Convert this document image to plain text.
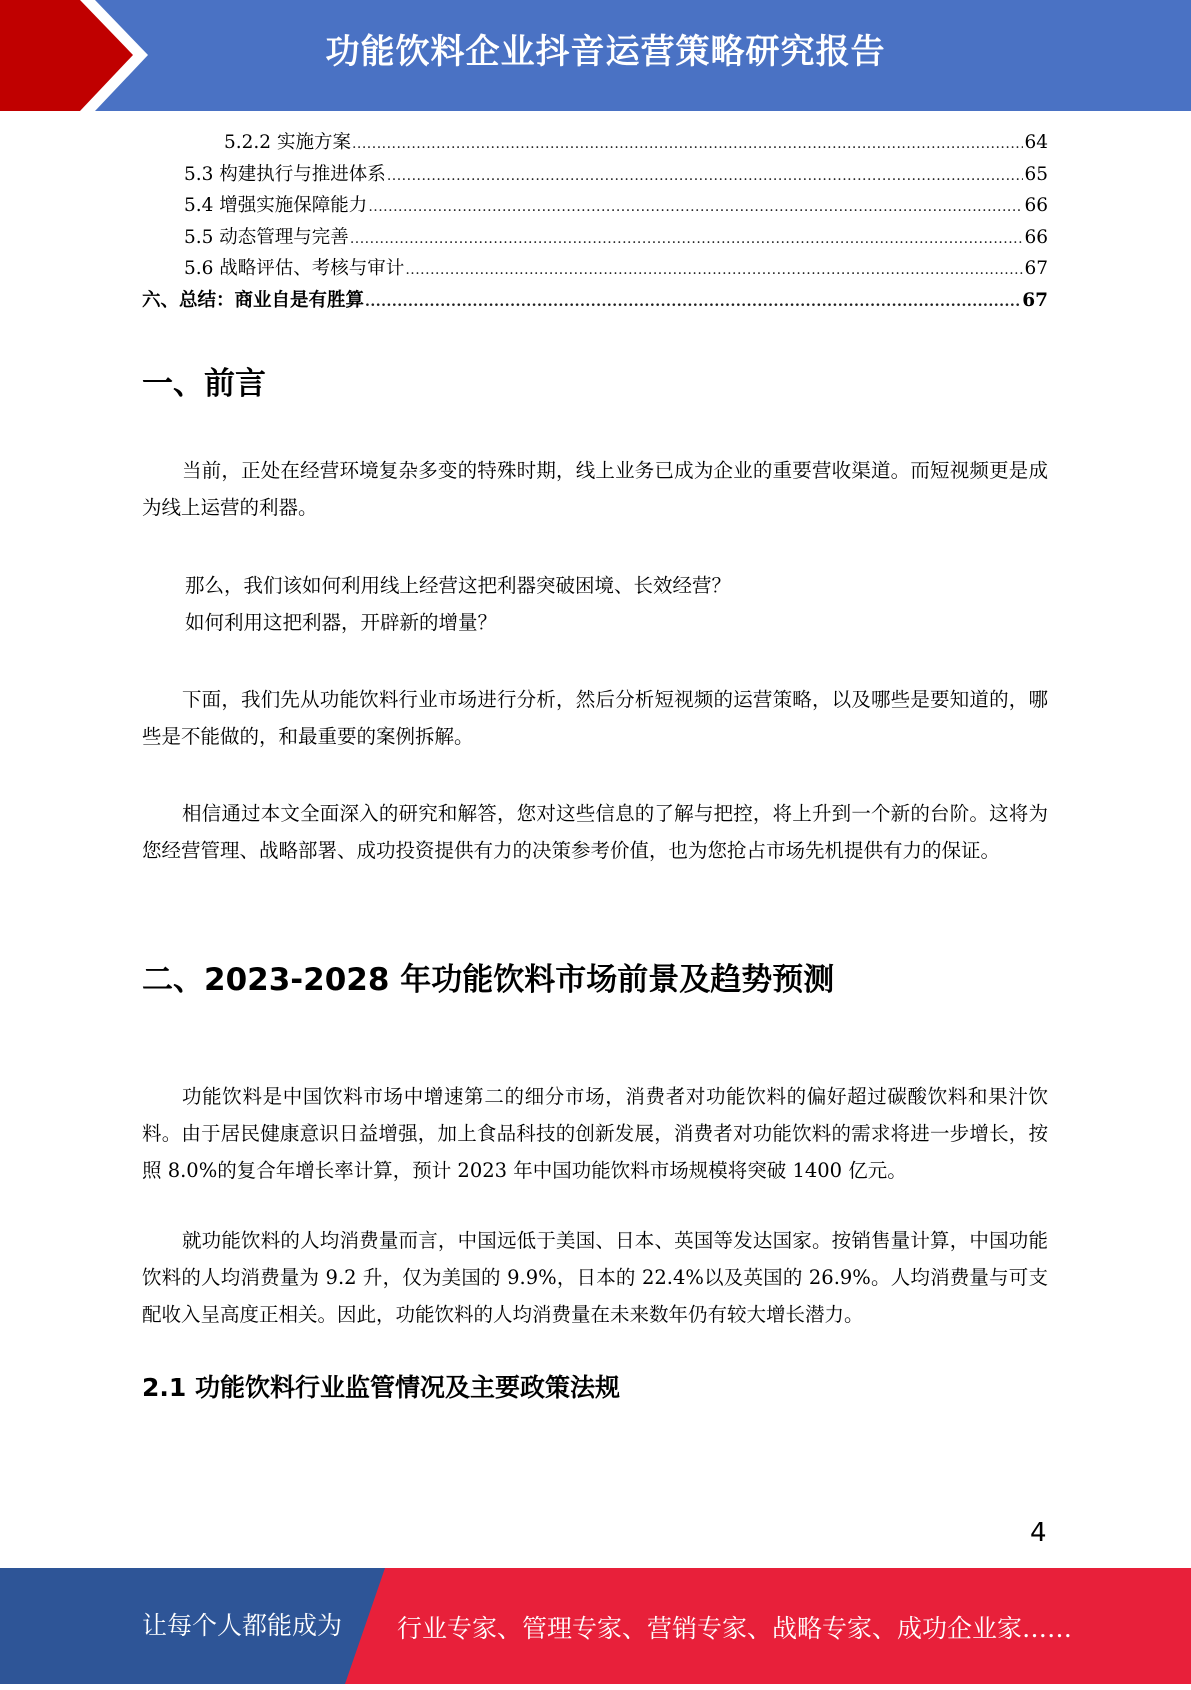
功能饮料企业抖音运营策略研究报告
5.2.2 实施方案 .....	64
5.3 构建执行与推进体系 .....	65
5.4 增强实施保障能力 .....	66
5.5 动态管理与完善 .....	66
5.6 战略评估、考核与审计 .....	67
六、总结：商业自是有胜算 .....	67
一、前言

当前，正处在经营环境复杂多变的特殊时期，线上业务已成为企业的重要营收渠道。而短视频更是成为线上运营的利器。

那么，我们该如何利用线上经营这把利器突破困境、长效经营？
如何利用这把利器，开辟新的增量？

下面，我们先从功能饮料行业市场进行分析，然后分析短视频的运营策略，以及哪些是要知道的，哪些是不能做的，和最重要的案例拆解。

相信通过本文全面深入的研究和解答，您对这些信息的了解与把控，将上升到一个新的台阶。这将为您经营管理、战略部署、成功投资提供有力的决策参考价值，也为您抢占市场先机提供有力的保证。

二、2023-2028 年功能饮料市场前景及趋势预测

功能饮料是中国饮料市场中增速第二的细分市场，消费者对功能饮料的偏好超过碳酸饮料和果汁饮料。由于居民健康意识日益增强，加上食品科技的创新发展，消费者对功能饮料的需求将进一步增长，按照 8.0%的复合年增长率计算，预计 2023 年中国功能饮料市场规模将突破 1400 亿元。

就功能饮料的人均消费量而言，中国远低于美国、日本、英国等发达国家。按销售量计算，中国功能饮料的人均消费量为 9.2 升，仅为美国的 9.9%，日本的 22.4%以及英国的 26.9%。人均消费量与可支配收入呈高度正相关。因此，功能饮料的人均消费量在未来数年仍有较大增长潜力。

2.1 功能饮料行业监管情况及主要政策法规
4
让每个人都能成为 行业专家、管理专家、营销专家、战略专家、成功企业家……
